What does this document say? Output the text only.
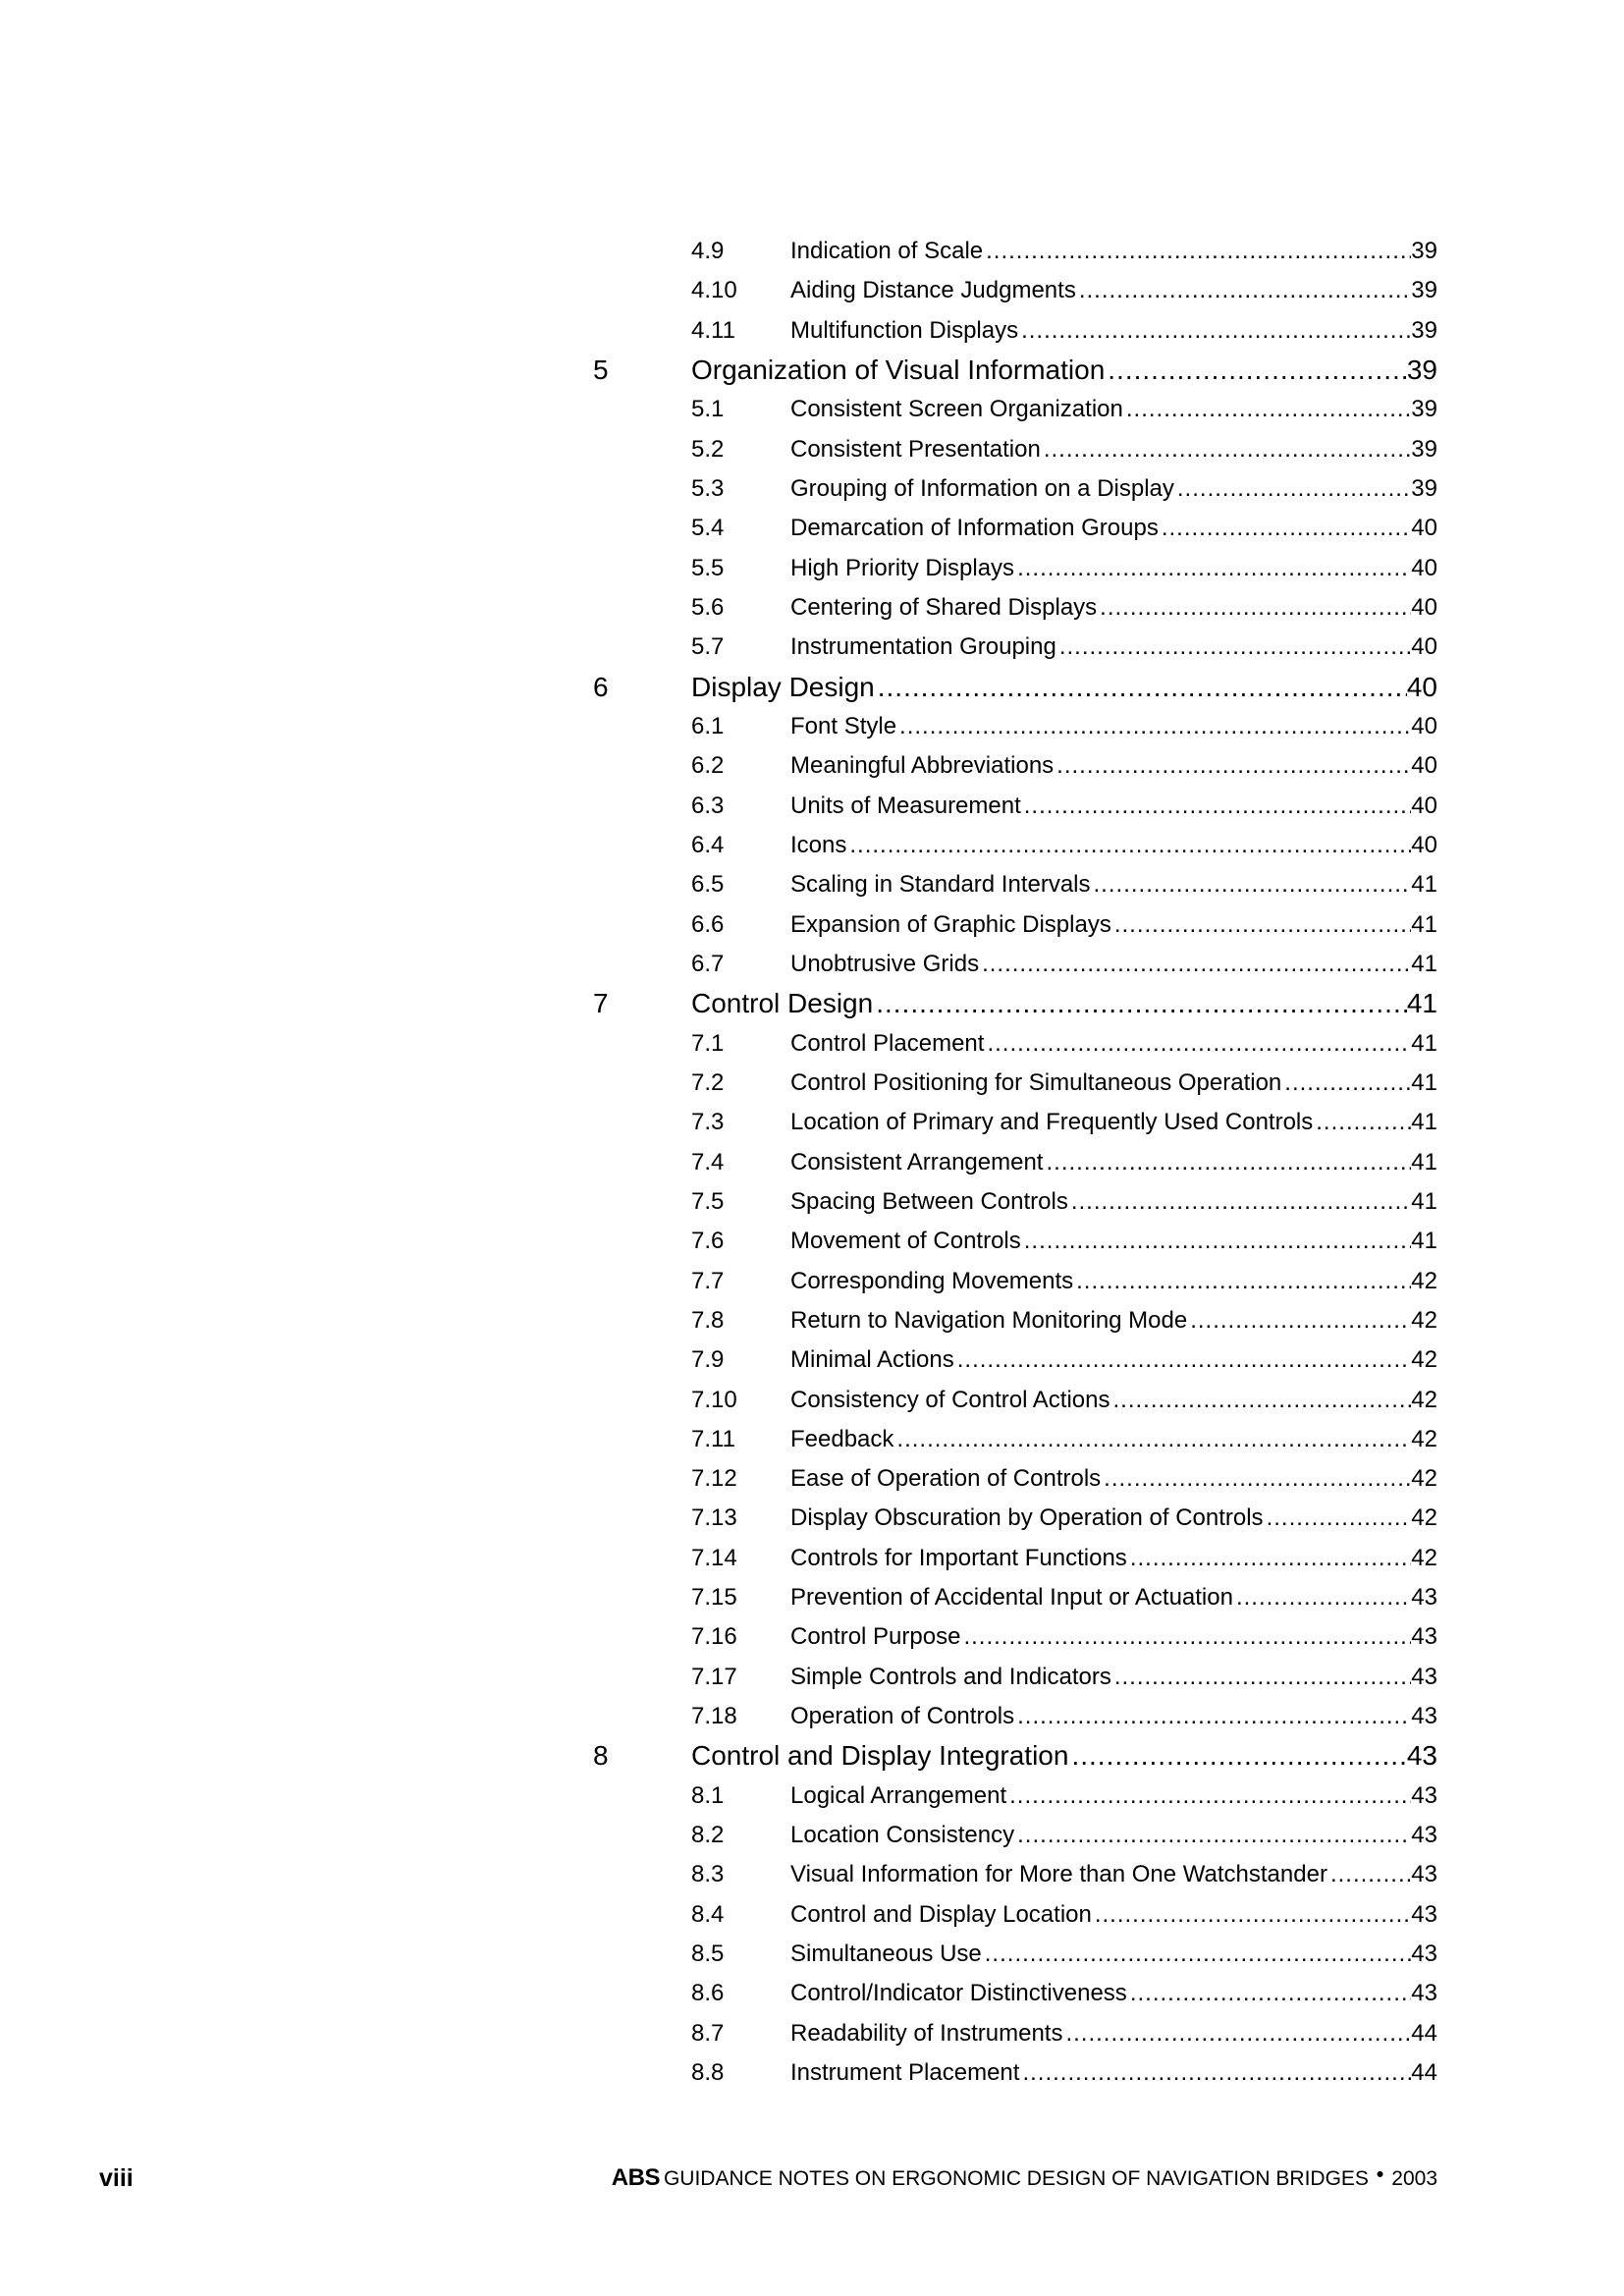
4.9	Indication of Scale .....	39
4.10 Aiding Distance Judgments .....	39
4.11 Multifunction Displays .....	39
5	Organization of Visual Information .....	39
5.1	Consistent Screen Organization .....	39
5.2	Consistent Presentation .....	39
5.3	Grouping of Information on a Display .....	39
5.4	Demarcation of Information Groups .....	40
5.5	High Priority Displays .....	40
5.6	Centering of Shared Displays .....	40
5.7	Instrumentation Grouping .....	40
6	Display Design .....	40
6.1	Font Style .....	40
6.2	Meaningful Abbreviations .....	40
6.3	Units of Measurement .....	40
6.4	Icons .....	40
6.5	Scaling in Standard Intervals .....	41
6.6	Expansion of Graphic Displays .....	41
6.7	Unobtrusive Grids .....	41
7	Control Design .....	41
7.1	Control Placement .....	41
7.2	Control Positioning for Simultaneous Operation .....	41
7.3	Location of Primary and Frequently Used Controls .....	41
7.4	Consistent Arrangement .....	41
7.5	Spacing Between Controls .....	41
7.6	Movement of Controls .....	41
7.7	Corresponding Movements .....	42
7.8	Return to Navigation Monitoring Mode .....	42
7.9	Minimal Actions .....	42
7.10 Consistency of Control Actions .....	42
7.11 Feedback .....	42
7.12 Ease of Operation of Controls .....	42
7.13 Display Obscuration by Operation of Controls .....	42
7.14 Controls for Important Functions .....	42
7.15 Prevention of Accidental Input or Actuation .....	43
7.16 Control Purpose .....	43
7.17 Simple Controls and Indicators .....	43
7.18 Operation of Controls .....	43
8	Control and Display Integration .....	43
8.1	Logical Arrangement .....	43
8.2	Location Consistency .....	43
8.3	Visual Information for More than One Watchstander .....	43
8.4	Control and Display Location .....	43
8.5	Simultaneous Use .....	43
8.6	Control/Indicator Distinctiveness .....	43
8.7	Readability of Instruments .....	44
8.8	Instrument Placement .....	44
viii	ABS GUIDANCE NOTES ON ERGONOMIC DESIGN OF NAVIGATION BRIDGES • 2003
